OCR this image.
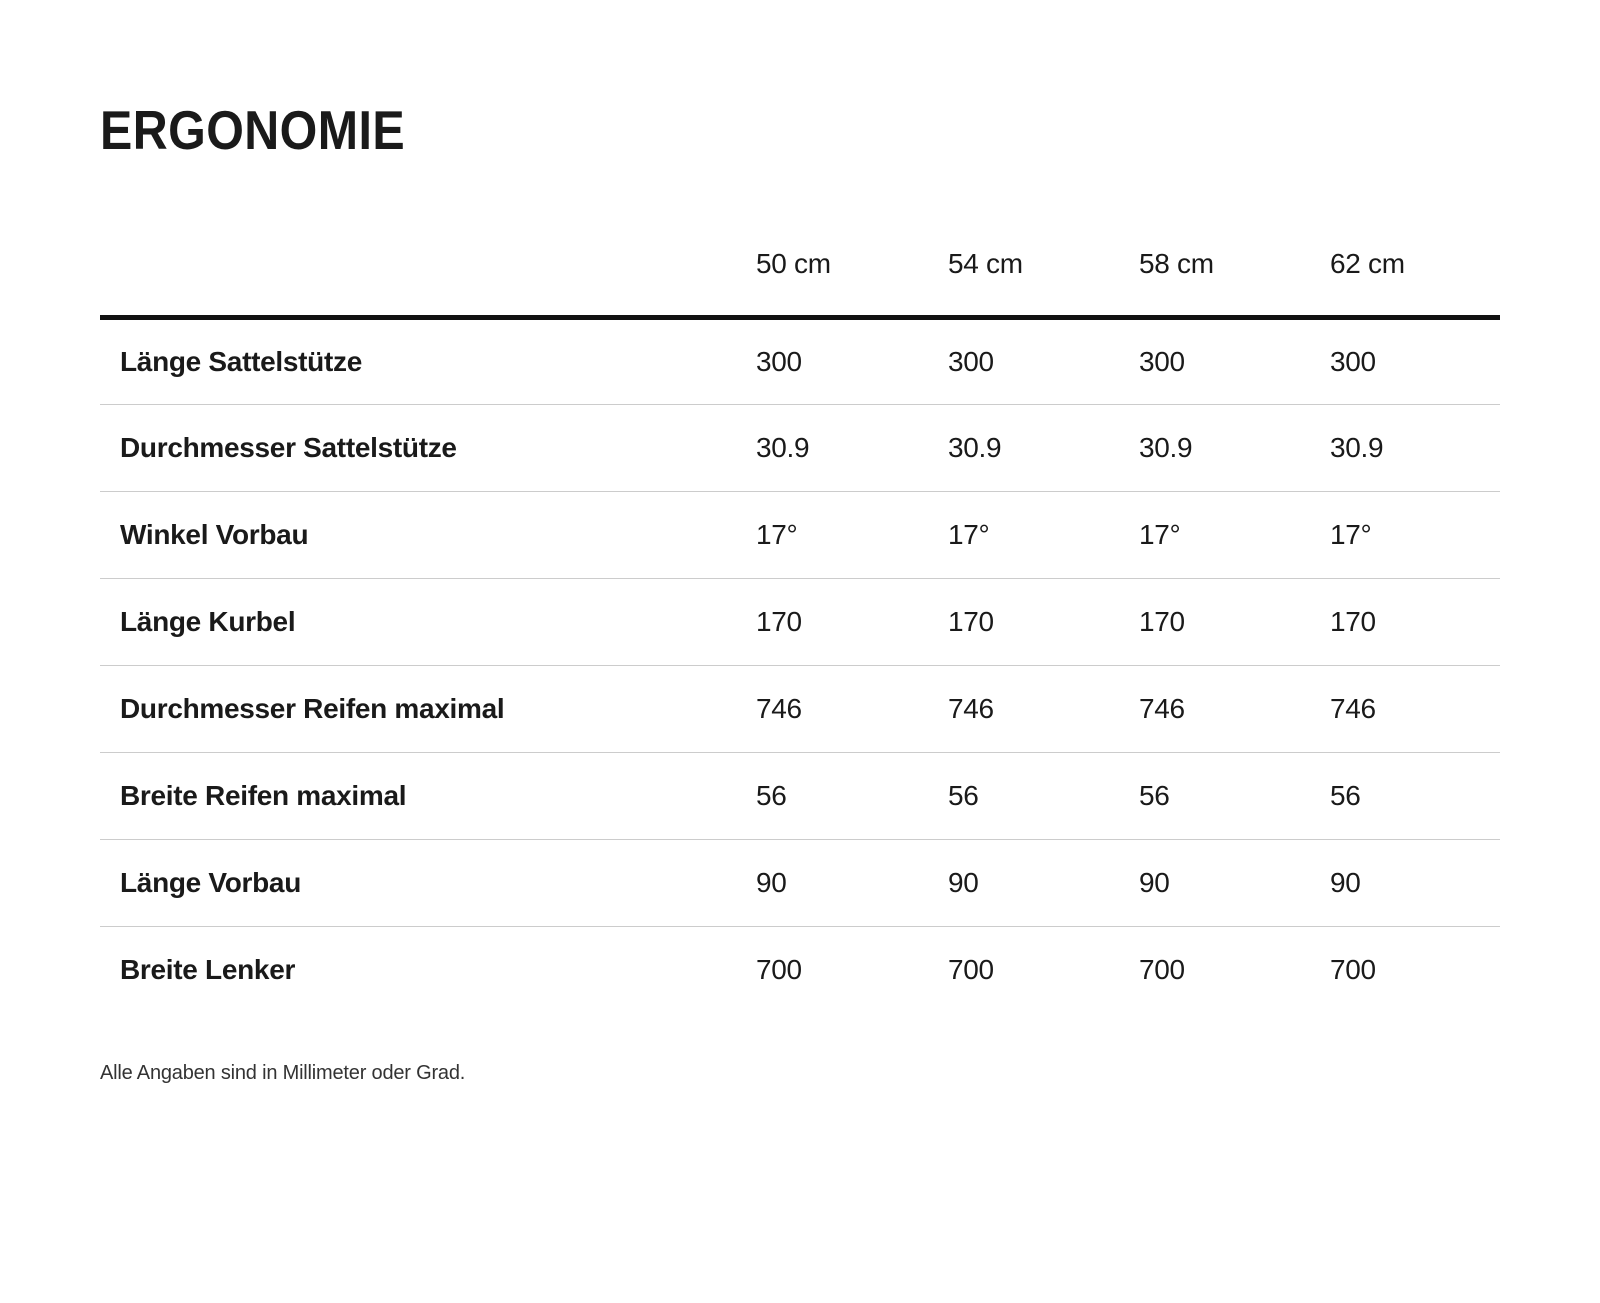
ERGONOMIE
	50 cm	54 cm	58 cm	62 cm
Länge Sattelstütze	300	300	300	300
Durchmesser Sattelstütze	30.9	30.9	30.9	30.9
Winkel Vorbau	17°	17°	17°	17°
Länge Kurbel	170	170	170	170
Durchmesser Reifen maximal	746	746	746	746
Breite Reifen maximal	56	56	56	56
Länge Vorbau	90	90	90	90
Breite Lenker	700	700	700	700

Alle Angaben sind in Millimeter oder Grad.
